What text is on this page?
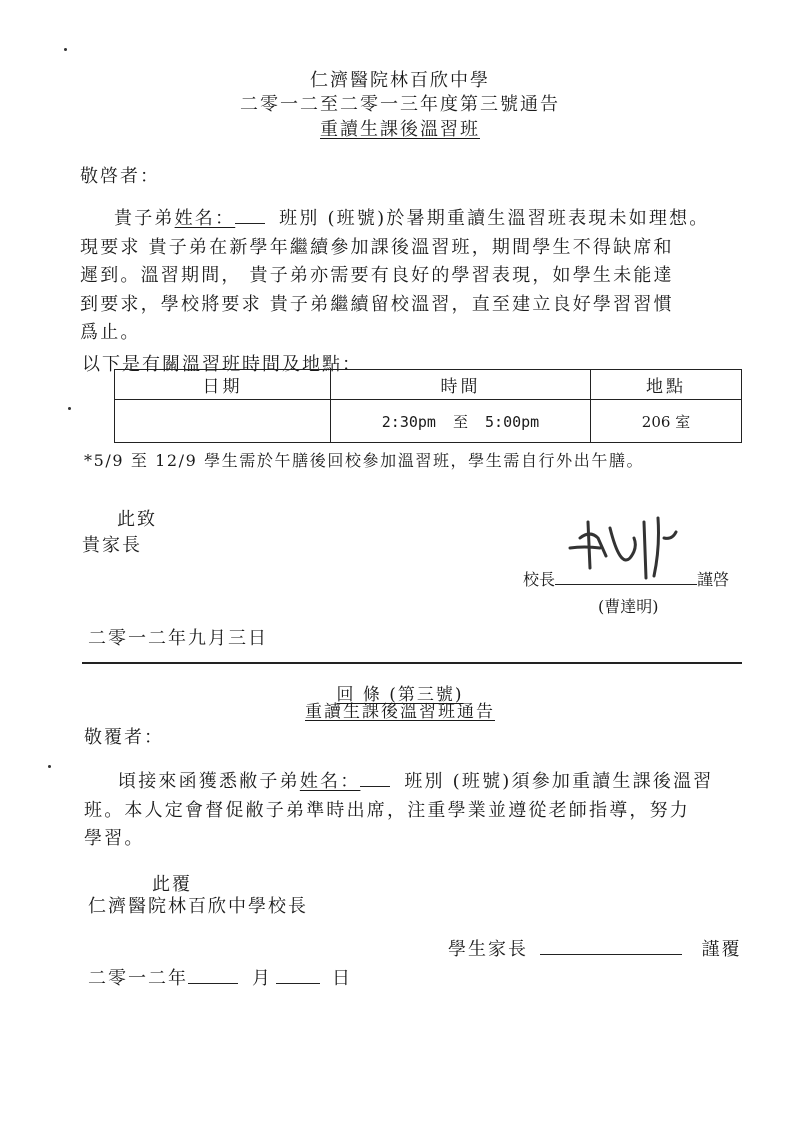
仁濟醫院林百欣中學
二零一二至二零一三年度第三號通告
重讀生課後溫習班
敬啓者：
貴子弟姓名： 班別 (班號)於暑期重讀生溫習班表現未如理想。
現要求 貴子弟在新學年繼續參加課後溫習班，期間學生不得缺席和
遲到。溫習期間， 貴子弟亦需要有良好的學習表現，如學生未能達
到要求，學校將要求 貴子弟繼續留校溫習，直至建立良好學習習慣
爲止。
以下是有關溫習班時間及地點：
日期	時間	地點
	2:30pm 至 5:00pm	206 室
*5/9 至 12/9 學生需於午膳後回校參加溫習班，學生需自行外出午膳。
此致
貴家長
校長	謹啓
(曹達明)
二零一二年九月三日
回 條 (第三號)
重讀生課後溫習班通告
敬覆者：
頃接來函獲悉敝子弟姓名： 班別 (班號)須參加重讀生課後溫習
班。本人定會督促敝子弟準時出席，注重學業並遵從老師指導，努力
學習。
此覆
仁濟醫院林百欣中學校長
學生家長	謹覆
二零一二年	月	日
